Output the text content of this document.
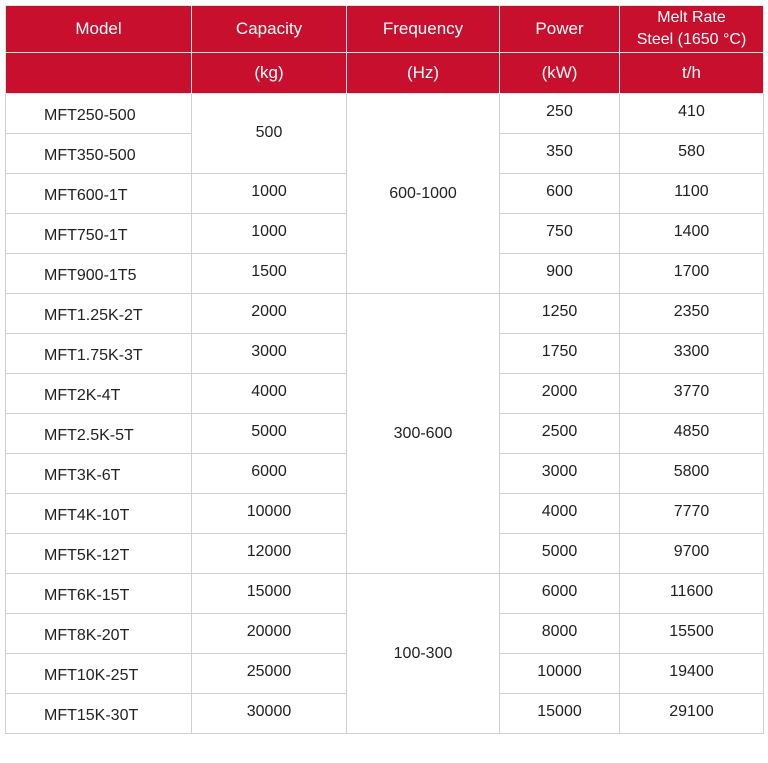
Model	Capacity	Frequency	Power	Melt Rate
Steel (1650 °C)

	(kg)	(Hz)	(kW)	t/h
MFT250-500	500	600-1000	250	410
MFT350-500			350	580
MFT600-1T	1000		600	1100
MFT750-1T	1000		750	1400
MFT900-1T5	1500		900	1700
MFT1.25K-2T	2000	300-600	1250	2350
MFT1.75K-3T	3000		1750	3300
MFT2K-4T	4000		2000	3770
MFT2.5K-5T	5000		2500	4850
MFT3K-6T	6000		3000	5800
MFT4K-10T	10000		4000	7770
MFT5K-12T	12000		5000	9700
MFT6K-15T	15000	100-300	6000	11600
MFT8K-20T	20000		8000	15500
MFT10K-25T	25000		10000	19400
MFT15K-30T	30000		15000	29100
